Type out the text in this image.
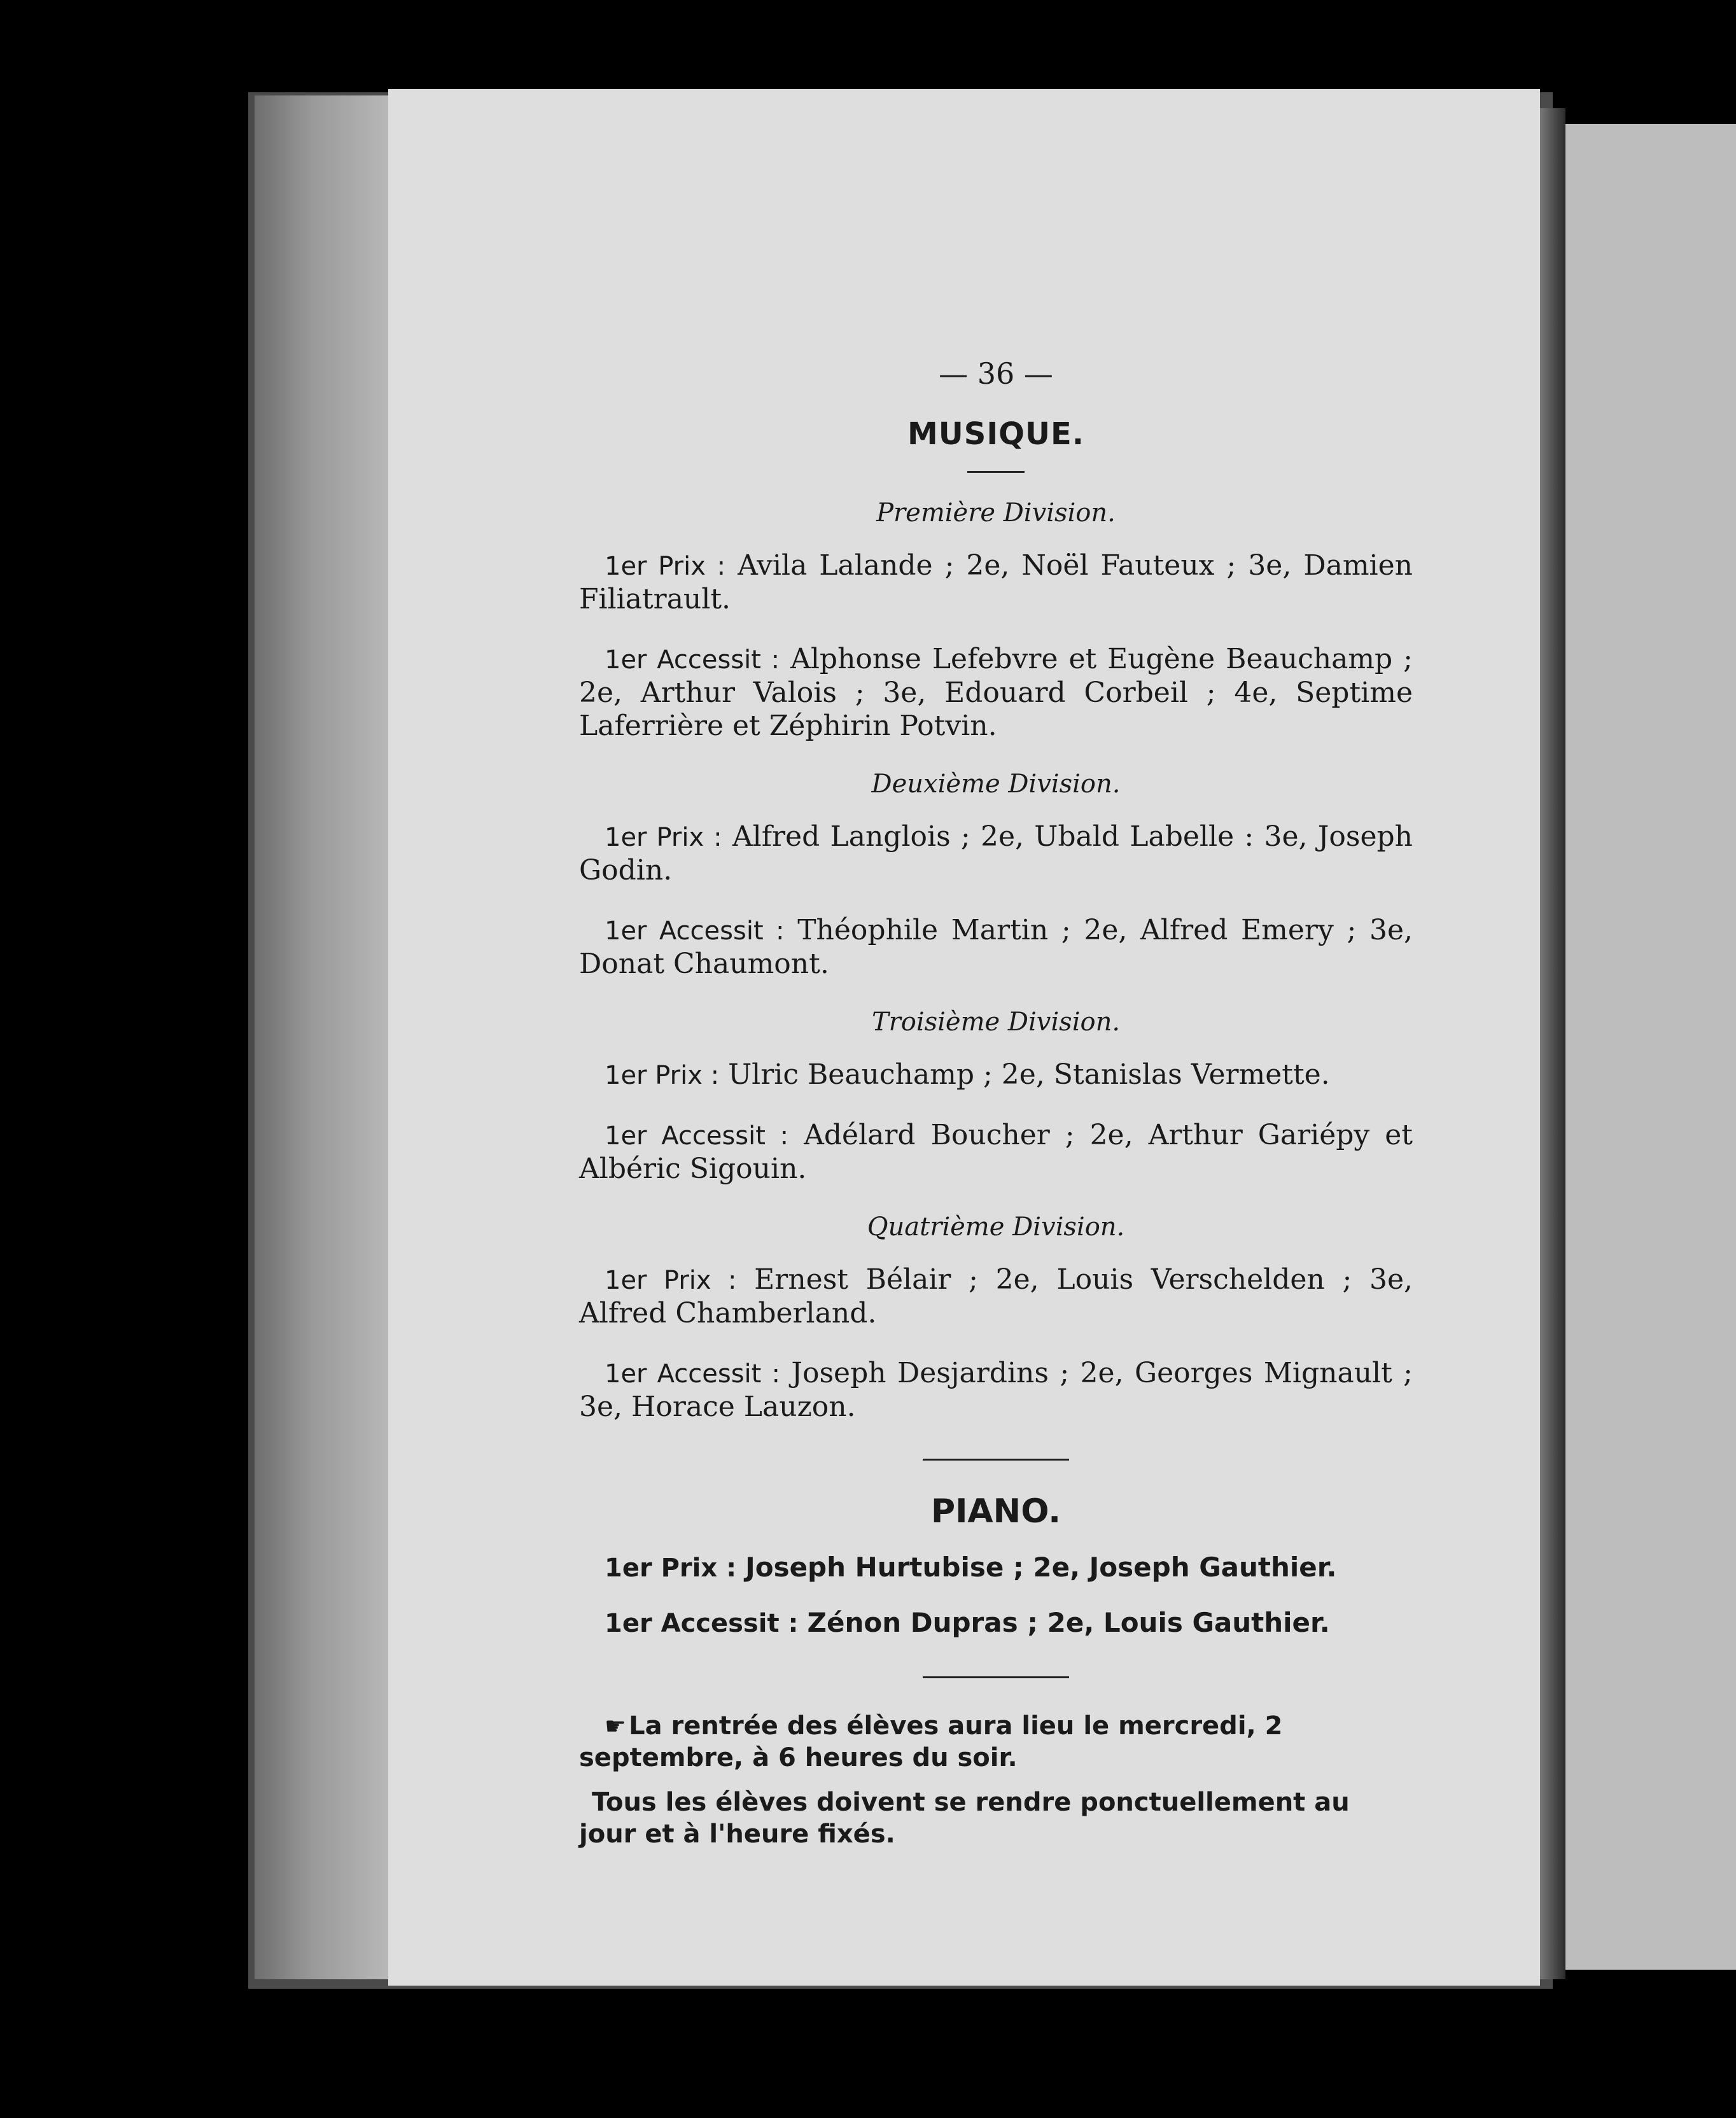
— 36 —
MUSIQUE.
Première Division.

1er Prix : Avila Lalande ; 2e, Noël Fauteux ; 3e, Damien Filiatrault.

1er Accessit : Alphonse Lefebvre et Eugène Beauchamp ; 2e, Arthur Valois ; 3e, Edouard Corbeil ; 4e, Septime Laferrière et Zéphirin Potvin.

Deuxième Division.

1er Prix : Alfred Langlois ; 2e, Ubald Labelle : 3e, Joseph Godin.

1er Accessit : Théophile Martin ; 2e, Alfred Emery ; 3e, Donat Chaumont.

Troisième Division.

1er Prix : Ulric Beauchamp ; 2e, Stanislas Vermette.

1er Accessit : Adélard Boucher ; 2e, Arthur Gariépy et Albéric Sigouin.

Quatrième Division.

1er Prix : Ernest Bélair ; 2e, Louis Verschelden ; 3e, Alfred Chamberland.

1er Accessit : Joseph Desjardins ; 2e, Georges Mignault ; 3e, Horace Lauzon.

PIANO.

1er Prix : Joseph Hurtubise ; 2e, Joseph Gauthier.

1er Accessit : Zénon Dupras ; 2e, Louis Gauthier.

☛ La rentrée des élèves aura lieu le mercredi, 2 septembre, à 6 heures du soir.

Tous les élèves doivent se rendre ponctuellement au jour et à l'heure fixés.
